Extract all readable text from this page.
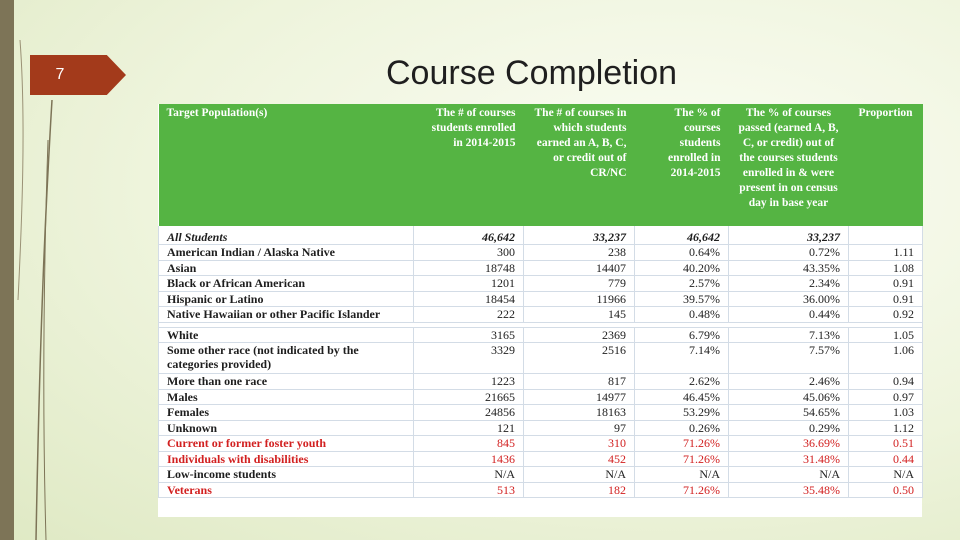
7	Course Completion
Target Population(s)	The # of courses students enrolled in 2014-2015	The # of courses in which students earned an A, B, C, or credit out of CR/NC	The % of courses students enrolled in 2014-2015	The % of courses passed (earned A, B, C, or credit) out of the courses students enrolled in & were present in on census day in base year	Proportion
All Students	46,642	33,237	46,642	33,237	
American Indian / Alaska Native	300	238	0.64%	0.72%	1.11
Asian	18748	14407	40.20%	43.35%	1.08
Black or African American	1201	779	2.57%	2.34%	0.91
Hispanic or Latino	18454	11966	39.57%	36.00%	0.91
Native Hawaiian or other Pacific Islander	222	145	0.48%	0.44%	0.92

White	3165	2369	6.79%	7.13%	1.05
Some other race (not indicated by the categories provided)	3329	2516	7.14%	7.57%	1.06
More than one race	1223	817	2.62%	2.46%	0.94
Males	21665	14977	46.45%	45.06%	0.97
Females	24856	18163	53.29%	54.65%	1.03
Unknown	121	97	0.26%	0.29%	1.12
Current or former foster youth	845	310	71.26%	36.69%	0.51
Individuals with disabilities	1436	452	71.26%	31.48%	0.44
Low-income students	N/A	N/A	N/A	N/A	N/A
Veterans	513	182	71.26%	35.48%	0.50
